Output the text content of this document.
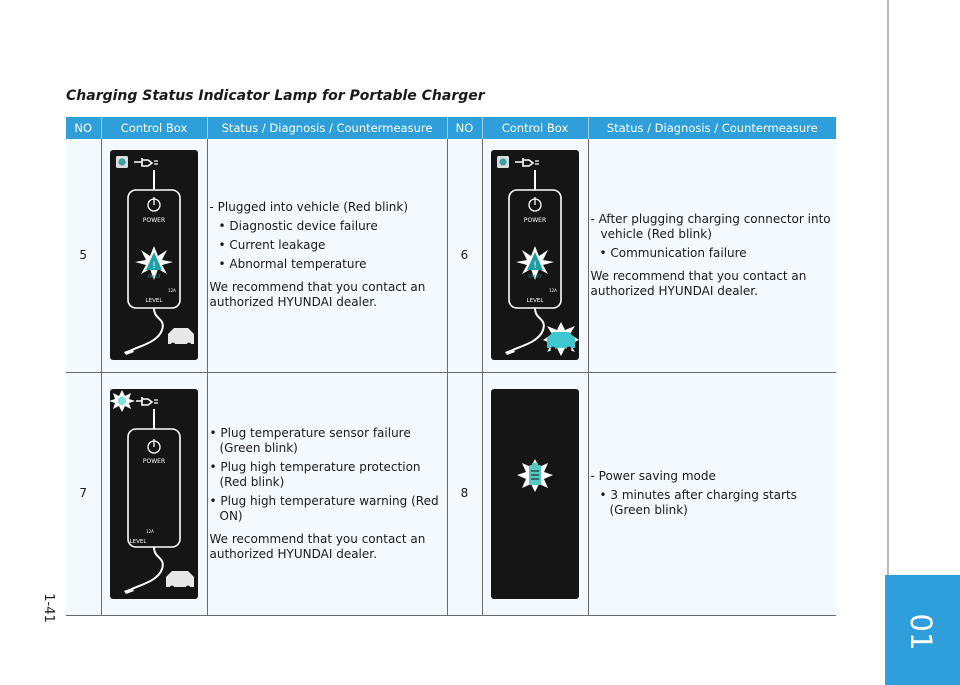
01
1-41
Charging Status Indicator Lamp for Portable Charger
NO	Control Box	Status / Diagnosis / Countermeasure	NO	Control Box	Status / Diagnosis / Countermeasure
5	POWER
!
FAULT
12A
LEVEL	- Plugged into vehicle (Red blink)
• Diagnostic device failure
• Current leakage
• Abnormal temperature
We recommend that you contact an authorized HYUNDAI dealer.	6	POWER
!
FAULT
12A
LEVEL	- After plugging charging connector into vehicle (Red blink)
• Communication failure
We recommend that you contact an authorized HYUNDAI dealer.

7	POWER
12A
LEVEL	• Plug temperature sensor failure (Green blink)
• Plug high temperature protection (Red blink)
• Plug high temperature warning (Red ON)
We recommend that you contact an authorized HYUNDAI dealer.	8		- Power saving mode
• 3 minutes after charging starts (Green blink)
